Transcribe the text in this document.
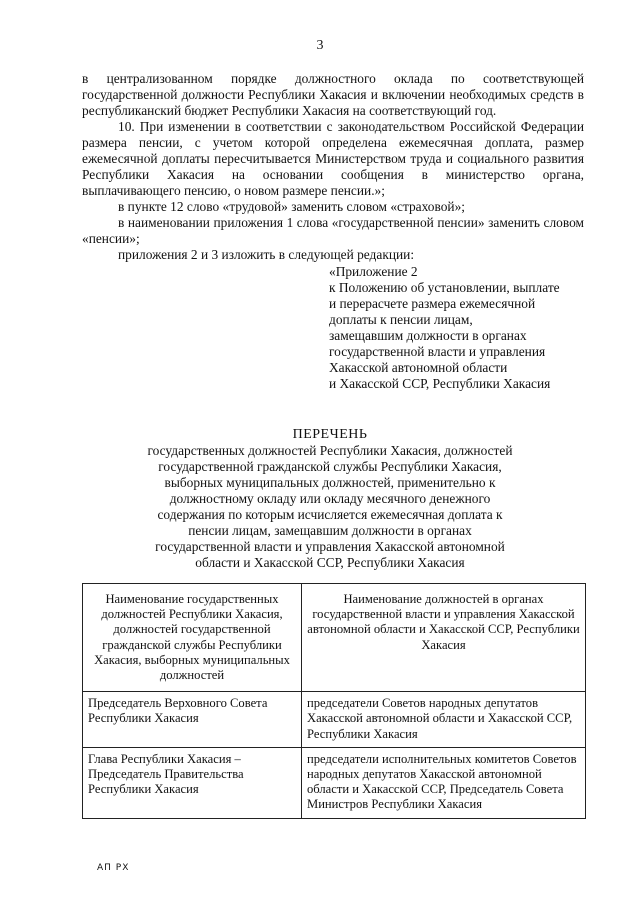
3

в централизованном порядке должностного оклада по соответствующей государственной должности Республики Хакасия и включении необходимых средств в республиканский бюджет Республики Хакасия на соответствующий год.

10. При изменении в соответствии с законодательством Российской Федерации размера пенсии, с учетом которой определена ежемесячная доплата, размер ежемесячной доплаты пересчитывается Министерством труда и социального развития Республики Хакасия на основании сообщения в министерство органа, выплачивающего пенсию, о новом размере пенсии.»;

в пункте 12 слово «трудовой» заменить словом «страховой»;

в наименовании приложения 1 слова «государственной пенсии» заменить словом «пенсии»;

приложения 2 и 3 изложить в следующей редакции:

«Приложение 2
к Положению об установлении, выплате
и перерасчете размера ежемесячной
доплаты к пенсии лицам,
замещавшим должности в органах
государственной власти и управления
Хакасской автономной области
и Хакасской ССР, Республики Хакасия
ПЕРЕЧЕНЬ
государственных должностей Республики Хакасия, должностей
государственной гражданской службы Республики Хакасия,
выборных муниципальных должностей, применительно к
должностному окладу или окладу месячного денежного
содержания по которым исчисляется ежемесячная доплата к
пенсии лицам, замещавшим должности в органах
государственной власти и управления Хакасской автономной
области и Хакасской ССР, Республики Хакасия
Наименование государственных должностей Республики Хакасия, должностей государственной гражданской службы Республики Хакасия, выборных муниципальных должностей	Наименование должностей в органах государственной власти и управления Хакасской автономной области и Хакасской ССР, Республики Хакасия
Председатель Верховного Совета Республики Хакасия	председатели Советов народных депутатов Хакасской автономной области и Хакасской ССР, Республики Хакасия
Глава Республики Хакасия – Председатель Правительства Республики Хакасия	председатели исполнительных комитетов Советов народных депутатов Хакасской автономной области и Хакасской ССР, Председатель Совета Министров Республики Хакасия
АП РХ
